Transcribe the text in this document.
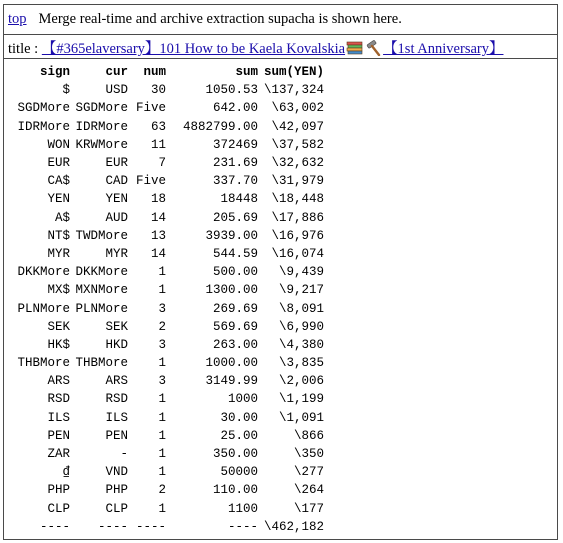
top Merge real-time and archive extraction supacha is shown here.
title : 【#365elaversary】101 How to be Kaela Kovalskia	【1st Anniversary】
sign	cur	num	sum	sum(YEN)
$	USD	30	1050.53	\137,324
SGDMore	SGDMore	Five	642.00	\63,002
IDRMore	IDRMore	63	4882799.00	\42,097
WON	KRWMore	11	372469	\37,582
EUR	EUR	7	231.69	\32,632
CA$	CAD	Five	337.70	\31,979
YEN	YEN	18	18448	\18,448
A$	AUD	14	205.69	\17,886
NT$	TWDMore	13	3939.00	\16,976
MYR	MYR	14	544.59	\16,074
DKKMore	DKKMore	1	500.00	\9,439
MX$	MXNMore	1	1300.00	\9,217
PLNMore	PLNMore	3	269.69	\8,091
SEK	SEK	2	569.69	\6,990
HK$	HKD	3	263.00	\4,380
THBMore	THBMore	1	1000.00	\3,835
ARS	ARS	3	3149.99	\2,006
RSD	RSD	1	1000	\1,199
ILS	ILS	1	30.00	\1,091
PEN	PEN	1	25.00	\866
ZAR	-	1	350.00	\350
₫	VND	1	50000	\277
PHP	PHP	2	110.00	\264
CLP	CLP	1	1100	\177
----	----	----	----	\462,182
